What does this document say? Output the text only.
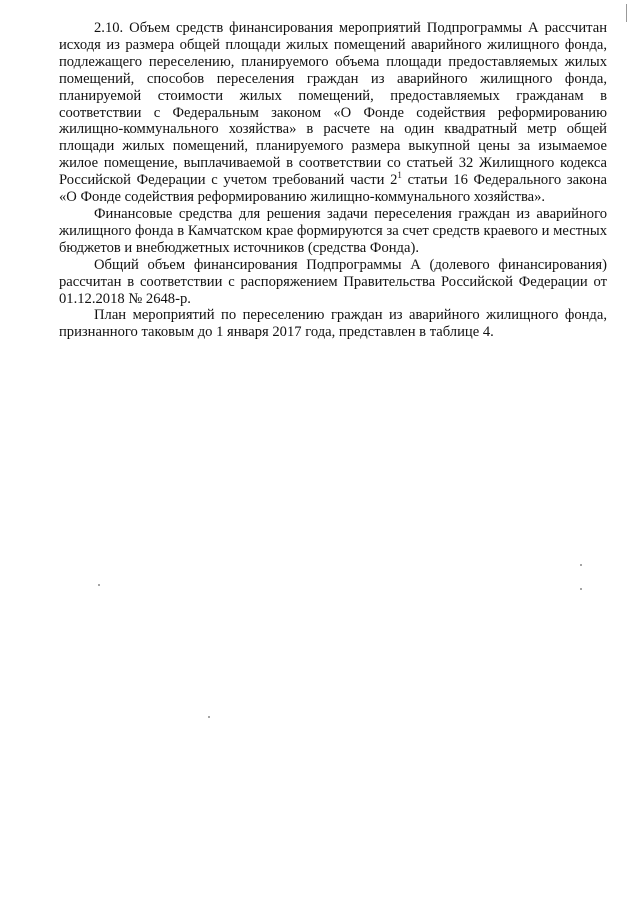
2.10. Объем средств финансирования мероприятий Подпрограммы А рассчитан исходя из размера общей площади жилых помещений аварийного жилищного фонда, подлежащего переселению, планируемого объема площади предоставляемых жилых помещений, способов переселения граждан из аварийного жилищного фонда, планируемой стоимости жилых помещений, предоставляемых гражданам в соответствии с Федеральным законом «О Фонде содействия реформированию жилищно-коммунального хозяйства» в расчете на один квадратный метр общей площади жилых помещений, планируемого размера выкупной цены за изымаемое жилое помещение, выплачиваемой в соответствии со статьей 32 Жилищного кодекса Российской Федерации с учетом требований части $2^1$ статьи 16 Федерального закона «О Фонде содействия реформированию жилищно-коммунального хозяйства».

Финансовые средства для решения задачи переселения граждан из аварийного жилищного фонда в Камчатском крае формируются за счет средств краевого и местных бюджетов и внебюджетных источников (средства Фонда).

Общий объем финансирования Подпрограммы А (долевого финансирования) рассчитан в соответствии с распоряжением Правительства Российской Федерации от 01.12.2018 № 2648-р.

План мероприятий по переселению граждан из аварийного жилищного фонда, признанного таковым до 1 января 2017 года, представлен в таблице 4.
